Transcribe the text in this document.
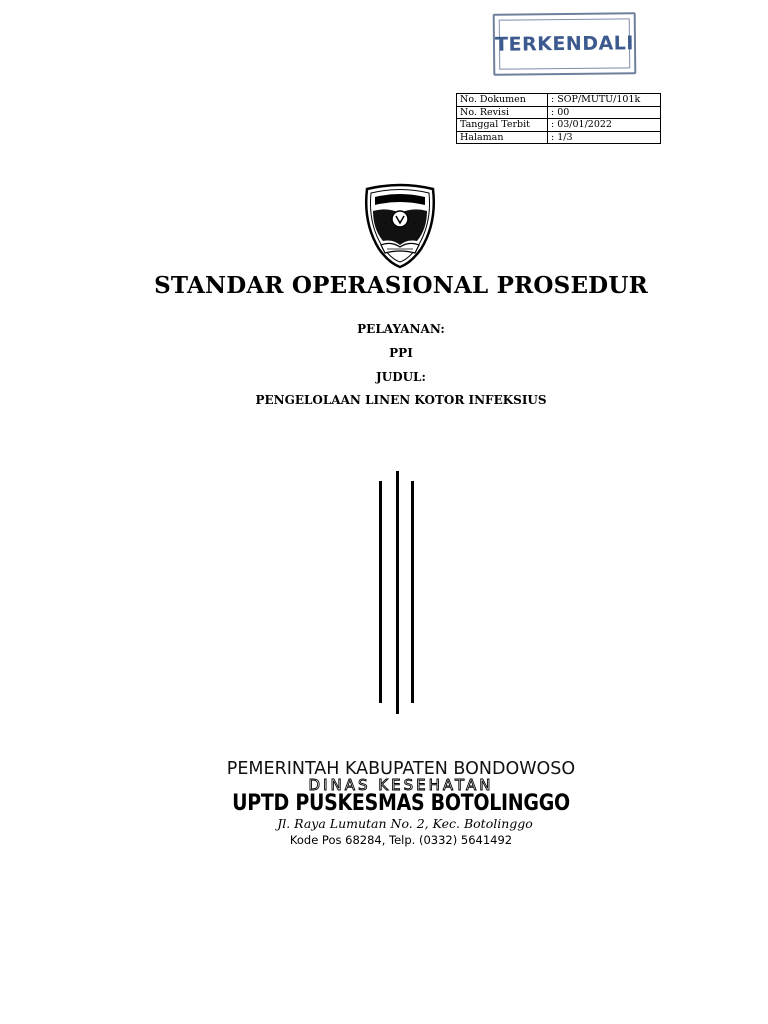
TERKENDALI
No. Dokumen	: SOP/MUTU/101k
No. Revisi	: 00
Tanggal Terbit	: 03/01/2022
Halaman	: 1/3
STANDAR OPERASIONAL PROSEDUR
PELAYANAN:
PPI
JUDUL:
PENGELOLAAN LINEN KOTOR INFEKSIUS
PEMERINTAH KABUPATEN BONDOWOSO
DINAS KESEHATAN
UPTD PUSKESMAS BOTOLINGGO
Jl. Raya Lumutan No. 2, Kec. Botolinggo
Kode Pos 68284, Telp. (0332) 5641492
